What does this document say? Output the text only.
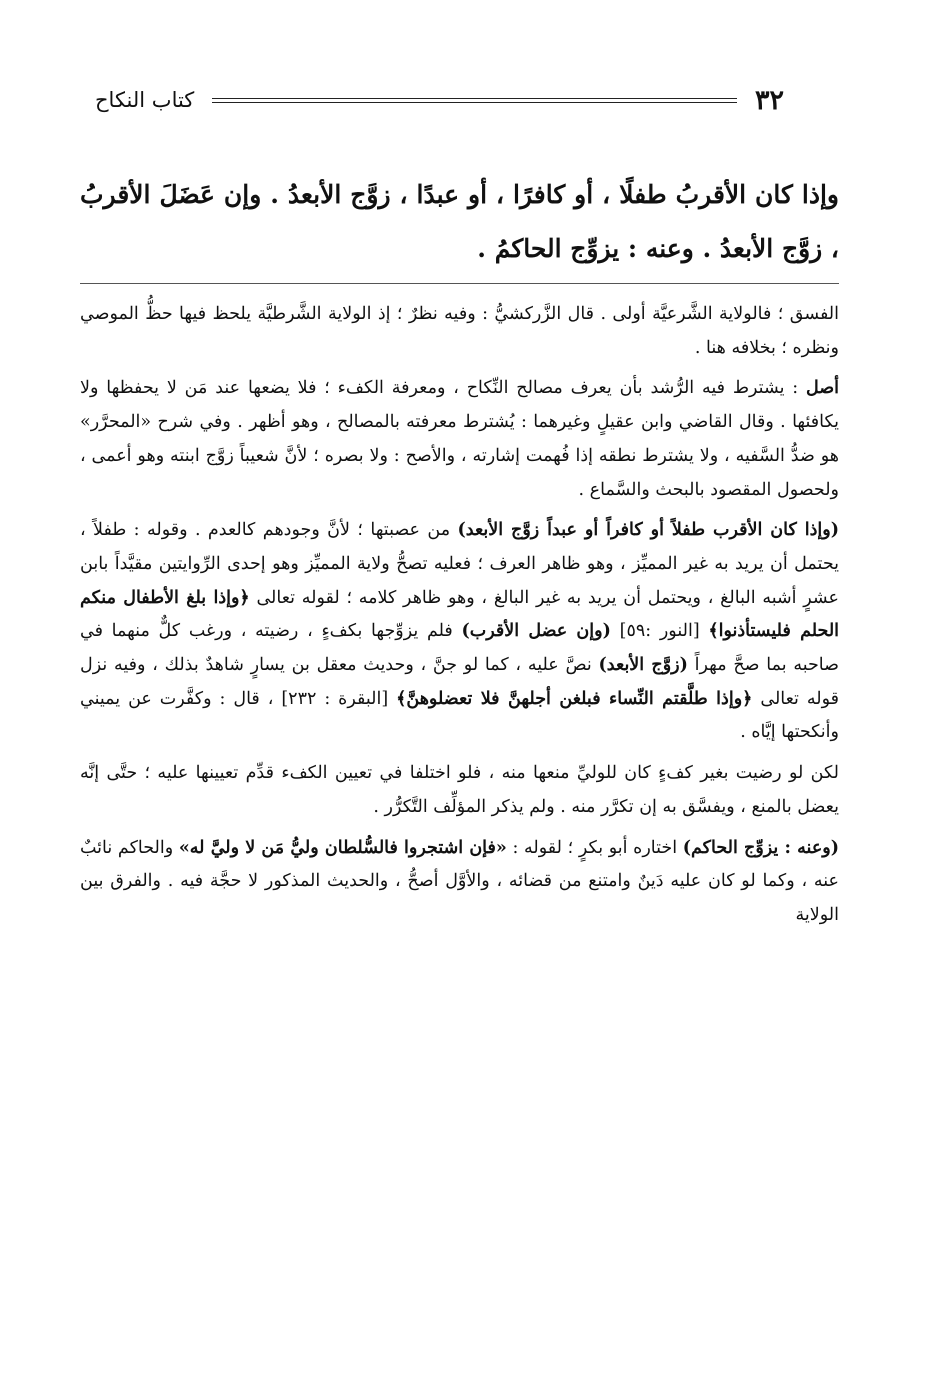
٣٢
كتاب النكاح
وإذا كان الأقربُ طفلًا ، أو كافرًا ، أو عبدًا ، زوَّج الأبعدُ . وإن عَضَلَ الأقربُ ، زوَّج الأبعدُ . وعنه : يزوِّج الحاكمُ .

الفسق ؛ فالولاية الشَّرعيَّة أولى . قال الزَّركشيُّ : وفيه نظرٌ ؛ إذ الولاية الشَّرطيَّة يلحظ فيها حظُّ الموصي ونظره ؛ بخلافه هنا .

أصل : يشترط فيه الرُّشد بأن يعرف مصالح النِّكاح ، ومعرفة الكفء ؛ فلا يضعها عند مَن لا يحفظها ولا يكافئها . وقال القاضي وابن عقيلٍ وغيرهما : يُشترط معرفته بالمصالح ، وهو أظهر . وفي شرح «المحرَّر» هو ضدُّ السَّفيه ، ولا يشترط نطقه إذا فُهمت إشارته ، والأصح : ولا بصره ؛ لأنَّ شعيباً زوَّج ابنته وهو أعمى ، ولحصول المقصود بالبحث والسَّماع .

(وإذا كان الأقرب طفلاً أو كافراً أو عبداً زوَّج الأبعد) من عصبتها ؛ لأنَّ وجودهم كالعدم . وقوله : طفلاً ، يحتمل أن يريد به غير المميِّز ، وهو ظاهر العرف ؛ فعليه تصحُّ ولاية المميِّز وهو إحدى الرِّوايتين مقيَّداً بابن عشرٍ أشبه البالغ ، ويحتمل أن يريد به غير البالغ ، وهو ظاهر كلامه ؛ لقوله تعالى ﴿وإذا بلغ الأطفال منكم الحلم فليستأذنوا﴾ [النور :٥٩] (وإن عضل الأقرب) فلم يزوِّجها بكفءٍ ، رضيته ، ورغب كلٌّ منهما في صاحبه بما صحَّ مهراً (زوَّج الأبعد) نصَّ عليه ، كما لو جنَّ ، وحديث معقل بن يسارٍ شاهدٌ بذلك ، وفيه نزل قوله تعالى ﴿وإذا طلَّقتم النِّساء فبلغن أجلهنَّ فلا تعضلوهنَّ﴾ [البقرة : ٢٣٢] ، قال : وكفَّرت عن يميني وأنكحتها إيَّاه .

لكن لو رضيت بغير كفءٍ كان للوليِّ منعها منه ، فلو اختلفا في تعيين الكفء قدِّم تعيينها عليه ؛ حتَّى إنَّه يعضل بالمنع ، ويفسَّق به إن تكرَّر منه . ولم يذكر المؤلِّف التَّكرُّر .

(وعنه : يزوِّج الحاكم) اختاره أبو بكرٍ ؛ لقوله : «فإن اشتجروا فالسُّلطان وليُّ مَن لا وليَّ له» والحاكم نائبٌ عنه ، وكما لو كان عليه دَينٌ وامتنع من قضائه ، والأوَّل أصحُّ ، والحديث المذكور لا حجَّة فيه . والفرق بين الولاية
